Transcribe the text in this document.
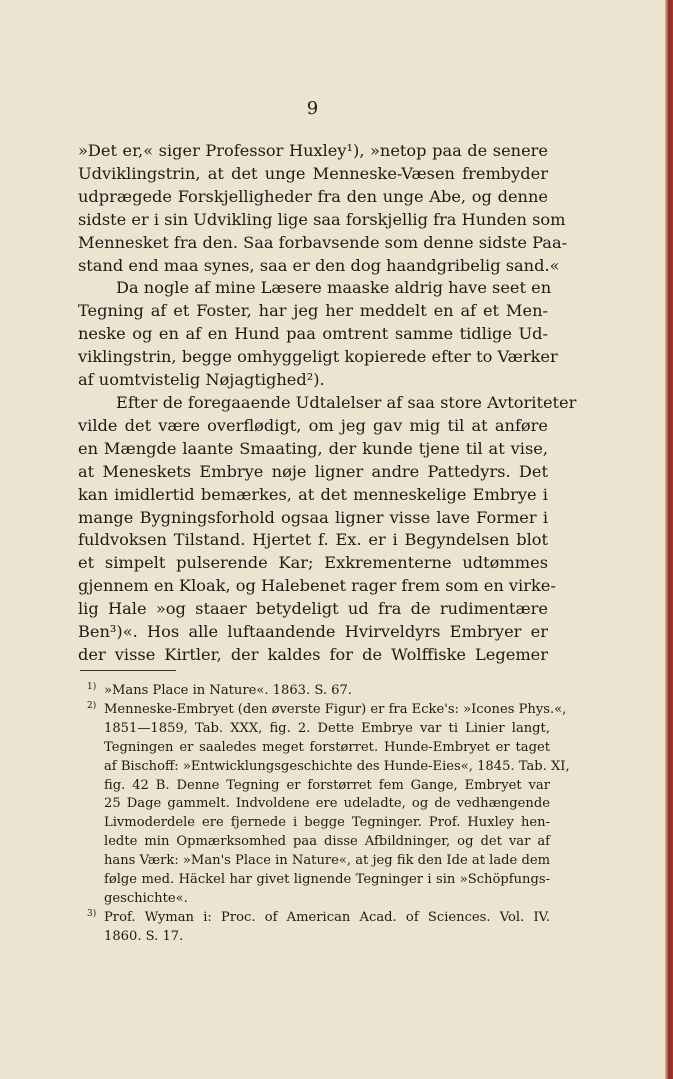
9
»Det er,« siger Professor Huxley¹), »netop paa de senere
Udviklingstrin, at det unge Menneske-Væsen frembyder
udprægede Forskjelligheder fra den unge Abe, og denne
sidste er i sin Udvikling lige saa forskjellig fra Hunden som
Mennesket fra den. Saa forbavsende som denne sidste Paa-
stand end maa synes, saa er den dog haandgribelig sand.«
Da nogle af mine Læsere maaske aldrig have seet en
Tegning af et Foster, har jeg her meddelt en af et Men-
neske og en af en Hund paa omtrent samme tidlige Ud-
viklingstrin, begge omhyggeligt kopierede efter to Værker
af uomtvistelig Nøjagtighed²).
Efter de foregaaende Udtalelser af saa store Avtoriteter
vilde det være overflødigt, om jeg gav mig til at anføre
en Mængde laante Smaating, der kunde tjene til at vise,
at Meneskets Embrye nøje ligner andre Pattedyrs. Det
kan imidlertid bemærkes, at det menneskelige Embrye i
mange Bygningsforhold ogsaa ligner visse lave Former i
fuldvoksen Tilstand. Hjertet f. Ex. er i Begyndelsen blot
et simpelt pulserende Kar; Exkrementerne udtømmes
gjennem en Kloak, og Halebenet rager frem som en virke-
lig Hale »og staaer betydeligt ud fra de rudimentære
Ben³)«. Hos alle luftaandende Hvirveldyrs Embryer er
der visse Kirtler, der kaldes for de Wolffiske Legemer
1) »Mans Place in Nature«. 1863. S. 67.
2) Menneske-Embryet (den øverste Figur) er fra Ecke's: »Icones Phys.«,
1851—1859, Tab. XXX, fig. 2. Dette Embrye var ti Linier langt,
Tegningen er saaledes meget forstørret. Hunde-Embryet er taget
af Bischoff: »Entwicklungsgeschichte des Hunde-Eies«, 1845. Tab. XI,
fig. 42 B. Denne Tegning er forstørret fem Gange, Embryet var
25 Dage gammelt. Indvoldene ere udeladte, og de vedhængende
Livmoderdele ere fjernede i begge Tegninger. Prof. Huxley hen-
ledte min Opmærksomhed paa disse Afbildninger, og det var af
hans Værk: »Man's Place in Nature«, at jeg fik den Ide at lade dem
følge med. Häckel har givet lignende Tegninger i sin »Schöpfungs-
geschichte«.
3) Prof. Wyman i: Proc. of American Acad. of Sciences. Vol. IV.
1860. S. 17.
